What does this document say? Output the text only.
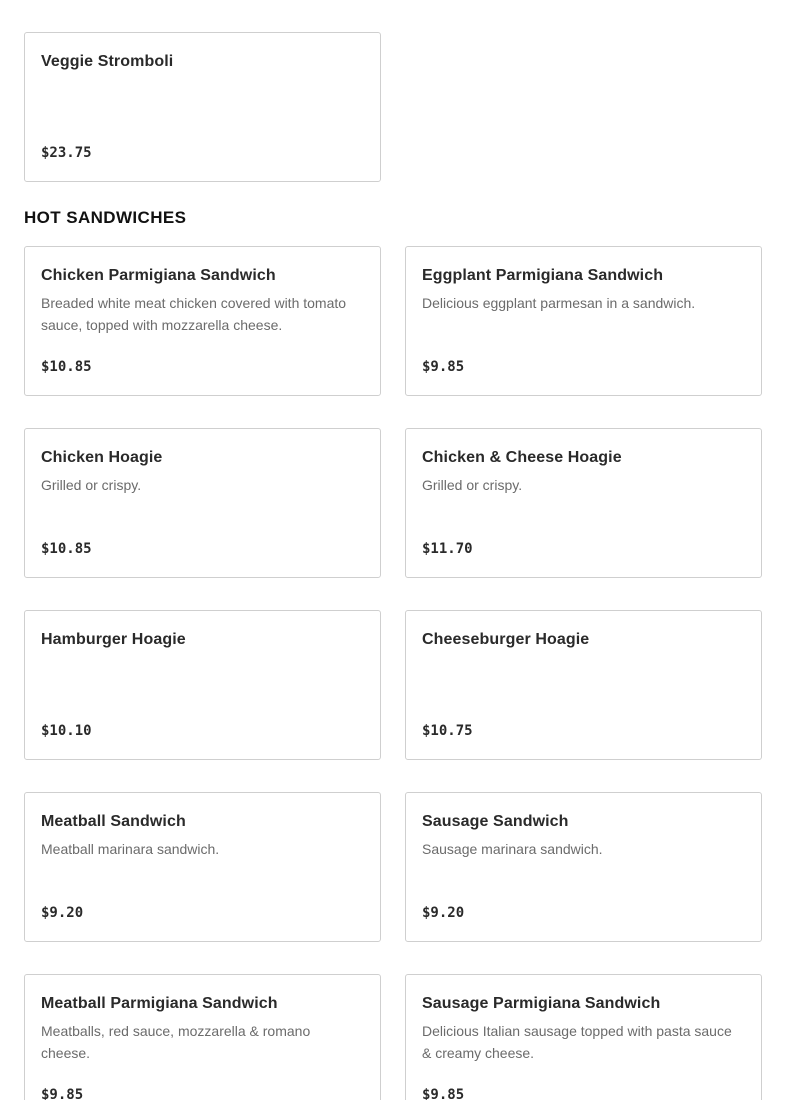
Veggie Stromboli
$23.75
HOT SANDWICHES
Chicken Parmigiana Sandwich
Breaded white meat chicken covered with tomato sauce, topped with mozzarella cheese.
$10.85
Eggplant Parmigiana Sandwich
Delicious eggplant parmesan in a sandwich.
$9.85
Chicken Hoagie
Grilled or crispy.
$10.85
Chicken & Cheese Hoagie
Grilled or crispy.
$11.70
Hamburger Hoagie
$10.10
Cheeseburger Hoagie
$10.75
Meatball Sandwich
Meatball marinara sandwich.
$9.20
Sausage Sandwich
Sausage marinara sandwich.
$9.20
Meatball Parmigiana Sandwich
Meatballs, red sauce, mozzarella & romano cheese.
$9.85
Sausage Parmigiana Sandwich
Delicious Italian sausage topped with pasta sauce & creamy cheese.
$9.85
